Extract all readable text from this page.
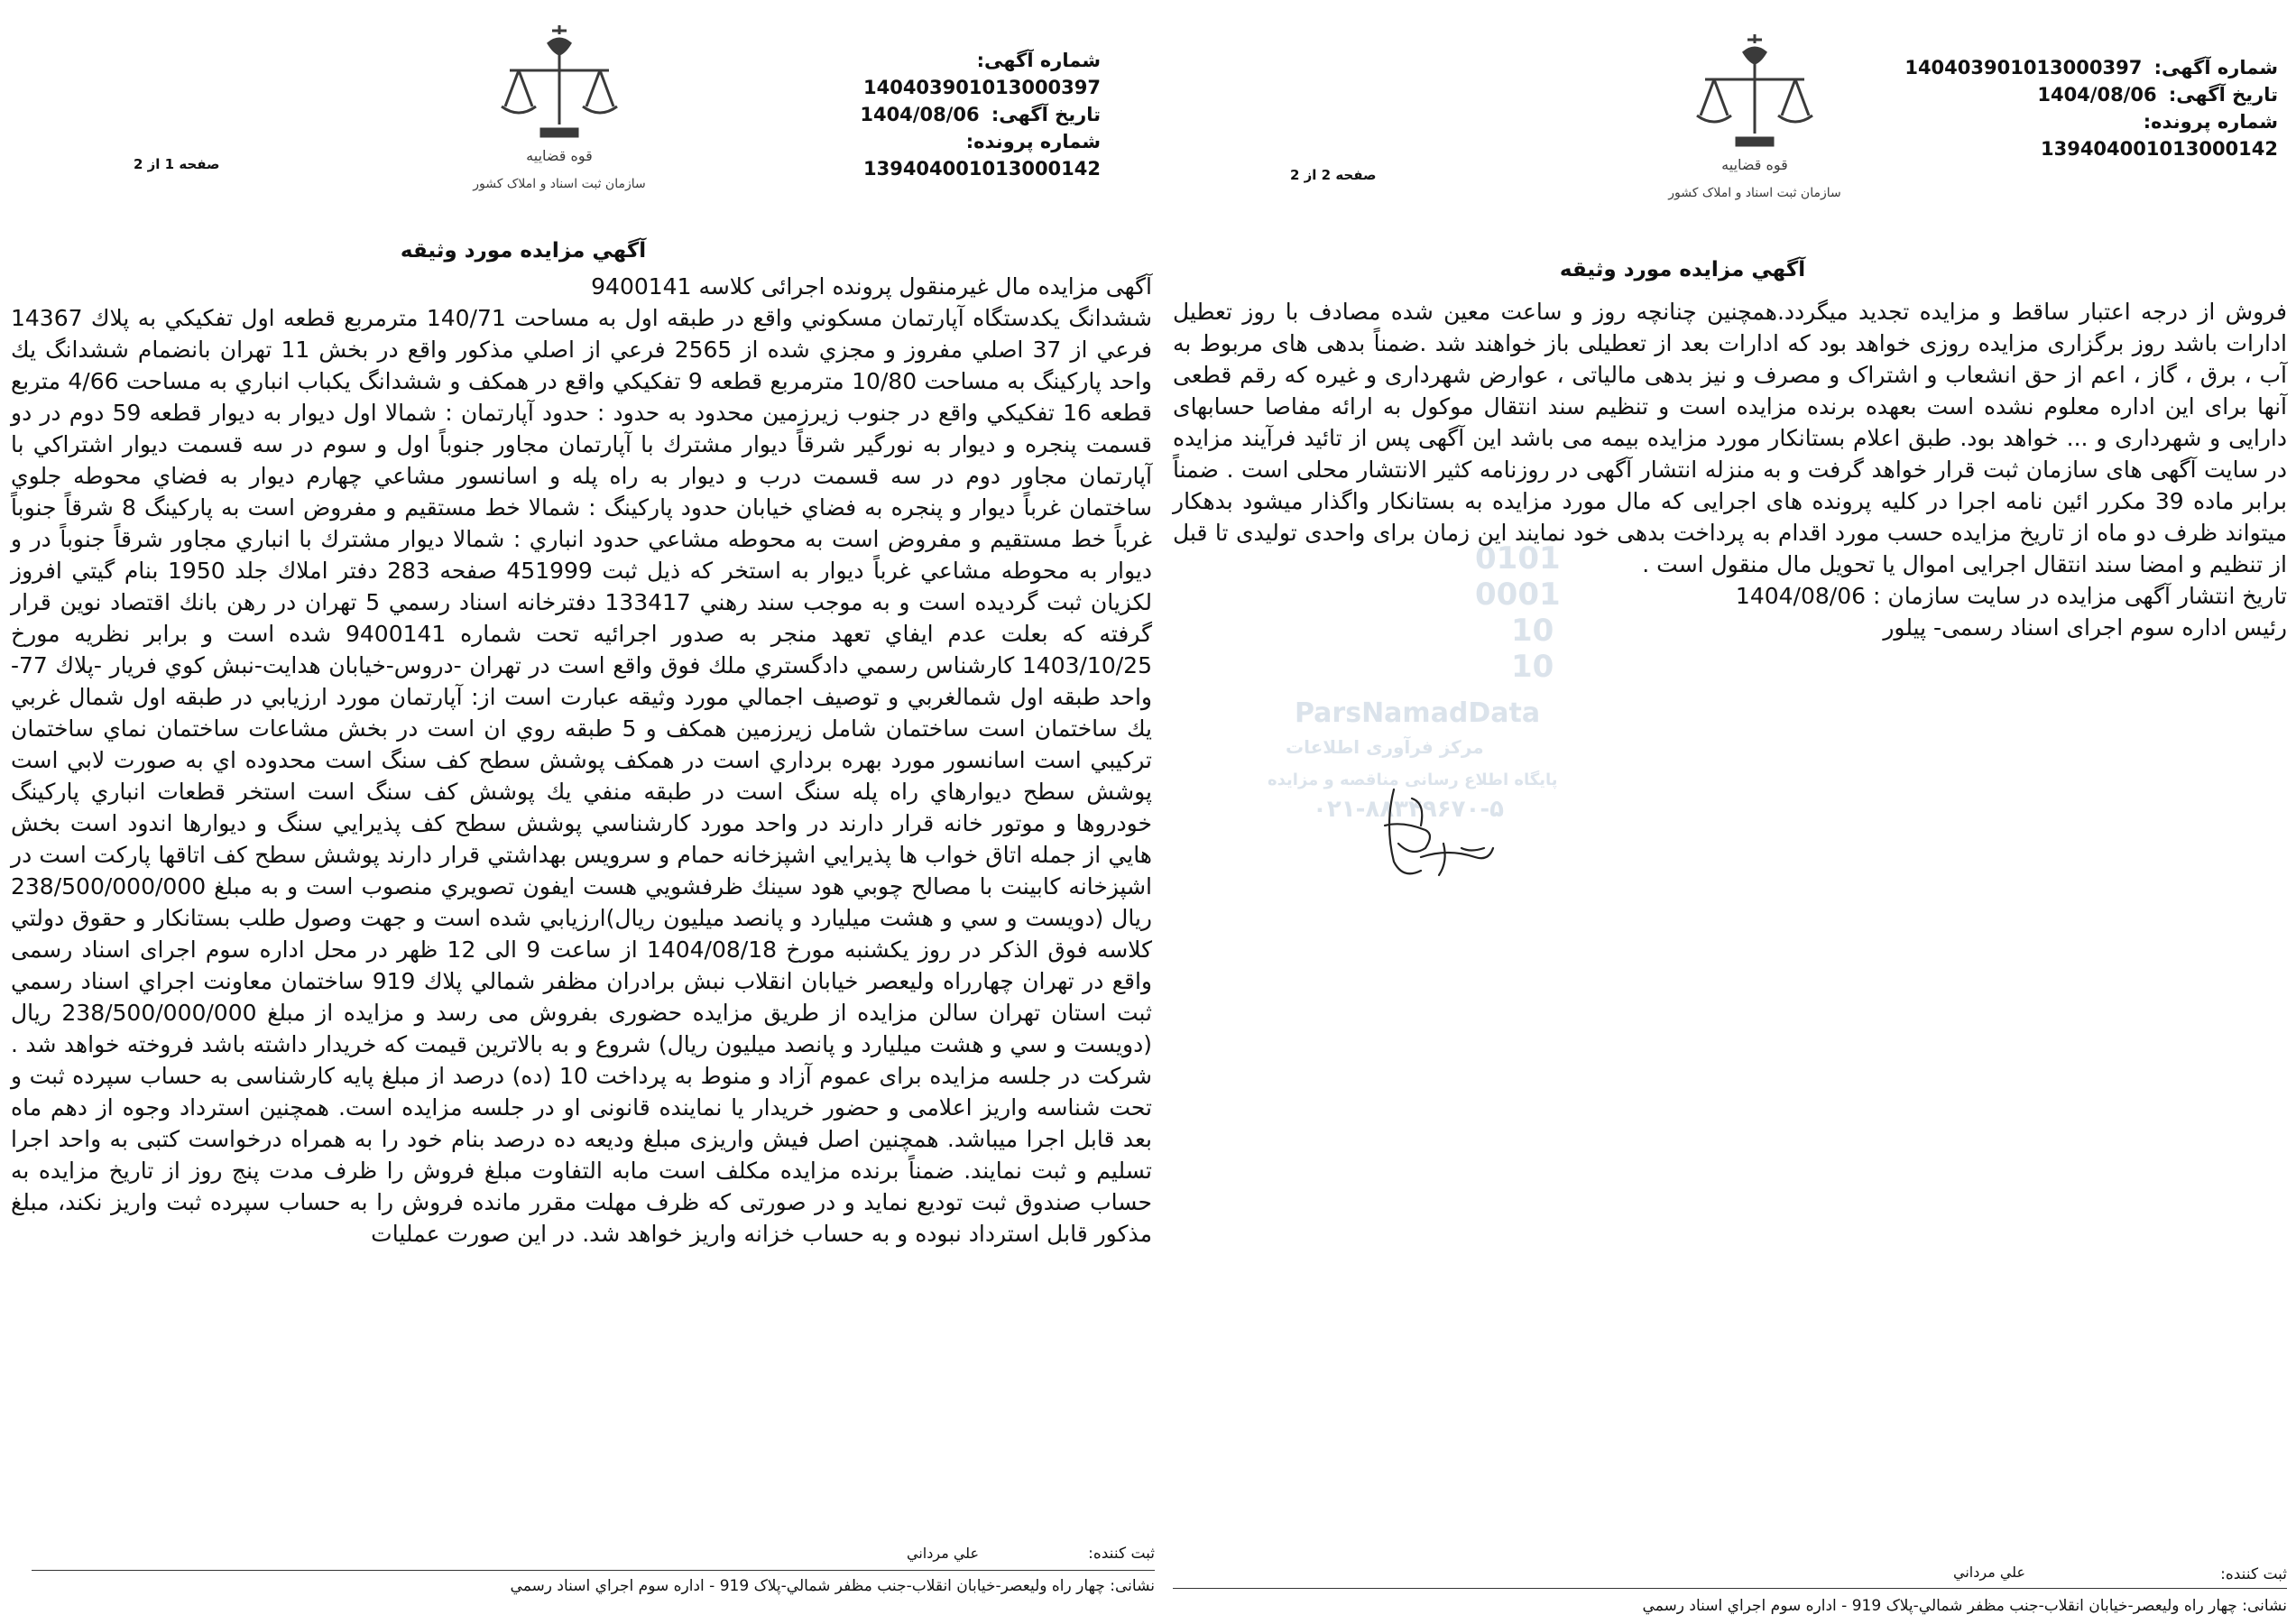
قوه قضاییه
سازمان ثبت اسناد و املاک کشور
شماره آگهی: 140403901013000397
تاریخ آگهی: 1404/08/06
شماره پرونده: 139404001013000142
صفحه 1 از 2
آگهي مزايده مورد وثيقه

آگهی مزایده مال غیرمنقول پرونده اجرائی کلاسه 9400141

ششدانگ يكدستگاه آپارتمان مسكوني واقع در طبقه اول به مساحت 140/71 مترمربع قطعه اول تفكيكي به پلاك 14367 فرعي از 37 اصلي مفروز و مجزي شده از 2565 فرعي از اصلي مذكور واقع در بخش 11 تهران بانضمام ششدانگ يك واحد پاركينگ به مساحت 10/80 مترمربع قطعه 9 تفكيكي واقع در همكف و ششدانگ يكباب انباري به مساحت 4/66 متربع قطعه 16 تفكيكي واقع در جنوب زيرزمين محدود به حدود : حدود آپارتمان : شمالا اول ديوار به ديوار قطعه 59 دوم در دو قسمت پنجره و ديوار به نورگير شرقاً ديوار مشترك با آپارتمان مجاور جنوباً اول و سوم در سه قسمت ديوار اشتراكي با آپارتمان مجاور دوم در سه قسمت درب و ديوار به راه پله و اسانسور مشاعي چهارم ديوار به فضاي محوطه جلوي ساختمان غرباً ديوار و پنجره به فضاي خيابان حدود پاركينگ : شمالا خط مستقيم و مفروض است به پاركينگ 8 شرقاً جنوباً غرباً خط مستقيم و مفروض است به محوطه مشاعي حدود انباري : شمالا ديوار مشترك با انباري مجاور شرقاً جنوباً در و ديوار به محوطه مشاعي غرباً ديوار به استخر كه ذيل ثبت 451999 صفحه 283 دفتر املاك جلد 1950 بنام گيتي افروز لكزيان ثبت گرديده است و به موجب سند رهني 133417 دفترخانه اسناد رسمي 5 تهران در رهن بانك اقتصاد نوين قرار گرفته كه بعلت عدم ايفاي تعهد منجر به صدور اجرائيه تحت شماره 9400141 شده است و برابر نظريه مورخ 1403/10/25 كارشناس رسمي دادگستري ملك فوق واقع است در تهران -دروس-خيابان هدايت-نبش كوي فريار -پلاك 77- واحد طبقه اول شمالغربي و توصيف اجمالي مورد وثيقه عبارت است از: آپارتمان مورد ارزيابي در طبقه اول شمال غربي يك ساختمان است ساختمان شامل زيرزمين همكف و 5 طبقه روي ان است در بخش مشاعات ساختمان نماي ساختمان تركيبي است اسانسور مورد بهره برداري است در همكف پوشش سطح كف سنگ است محدوده اي به صورت لابي است پوشش سطح ديوارهاي راه پله سنگ است در طبقه منفي يك پوشش كف سنگ است استخر قطعات انباري پاركينگ خودروها و موتور خانه قرار دارند در واحد مورد كارشناسي پوشش سطح كف پذيرايي سنگ و ديوارها اندود است بخش هايي از جمله اتاق خواب ها پذيرايي اشپزخانه حمام و سرويس بهداشتي قرار دارند پوشش سطح كف اتاقها پاركت است در اشپزخانه كابينت با مصالح چوبي هود سينك ظرفشويي هست ايفون تصويري منصوب است و به مبلغ 238/500/000/000 ريال (دويست و سي و هشت ميليارد و پانصد ميليون ريال)ارزيابي شده است و جهت وصول طلب بستانكار و حقوق دولتي كلاسه فوق الذكر در روز يكشنبه مورخ 1404/08/18 از ساعت 9 الی 12 ظهر در محل اداره سوم اجرای اسناد رسمی واقع در تهران چهارراه وليعصر خيابان انقلاب نبش برادران مظفر شمالي پلاك 919 ساختمان معاونت اجراي اسناد رسمي ثبت استان تهران سالن مزایده از طریق مزایده حضوری بفروش می رسد و مزایده از مبلغ 238/500/000/000 ریال (دويست و سي و هشت ميليارد و پانصد ميليون ريال) شروع و به بالاترین قیمت که خریدار داشته باشد فروخته خواهد شد . شرکت در جلسه مزایده برای عموم آزاد و منوط به پرداخت 10 (ده) درصد از مبلغ پایه کارشناسی به حساب سپرده ثبت و تحت شناسه واریز اعلامی و حضور خریدار یا نماینده قانونی او در جلسه مزایده است. همچنین استرداد وجوه از دهم ماه بعد قابل اجرا میباشد. همچنین اصل فیش واریزی مبلغ ودیعه ده درصد بنام خود را به همراه درخواست کتبی به واحد اجرا تسلیم و ثبت نمایند. ضمناً برنده مزایده مکلف است مابه التفاوت مبلغ فروش را ظرف مدت پنج روز از تاریخ مزایده به حساب صندوق ثبت تودیع نماید و در صورتی که ظرف مهلت مقرر مانده فروش را به حساب سپرده ثبت واریز نکند، مبلغ مذکور قابل استرداد نبوده و به حساب خزانه واریز خواهد شد. در این صورت عملیات

ثبت كننده:
علي مرداني
نشانی: چهار راه وليعصر-خيابان انقلاب-جنب مظفر شمالي-پلاک 919 - اداره سوم اجراي اسناد رسمي
قوه قضاییه
سازمان ثبت اسناد و املاک کشور
شماره آگهی: 140403901013000397
تاریخ آگهی: 1404/08/06
شماره پرونده: 139404001013000142
صفحه 2 از 2
آگهي مزايده مورد وثيقه

فروش از درجه اعتبار ساقط و مزایده تجدید میگردد.همچنین چنانچه روز و ساعت معین شده مصادف با روز تعطیل ادارات باشد روز برگزاری مزایده روزی خواهد بود که ادارات بعد از تعطیلی باز خواهند شد .ضمناً بدهی های مربوط به آب ، برق ، گاز ، اعم از حق انشعاب و اشتراک و مصرف و نیز بدهی مالیاتی ، عوارض شهرداری و غیره که رقم قطعی آنها برای این اداره معلوم نشده است بعهده برنده مزایده است و تنظیم سند انتقال موکول به ارائه مفاصا حسابهای دارایی و شهرداری و ... خواهد بود. طبق اعلام بستانکار مورد مزایده بیمه می باشد این آگهی پس از تائید فرآیند مزایده در سایت آگهی های سازمان ثبت قرار خواهد گرفت و به منزله انتشار آگهی در روزنامه کثیر الانتشار محلی است . ضمناً برابر ماده 39 مکرر ائین نامه اجرا در کلیه پرونده های اجرایی که مال مورد مزایده به بستانکار واگذار میشود بدهکار میتواند ظرف دو ماه از تاریخ مزایده حسب مورد اقدام به پرداخت بدهی خود نمایند این زمان برای واحدی تولیدی تا قبل از تنظیم و امضا سند انتقال اجرایی اموال یا تحویل مال منقول است .

تاریخ انتشار آگهی مزایده در سایت سازمان : 1404/08/06

رئيس اداره سوم اجرای اسناد رسمی- پیلور

0101
0001
10
10
ParsNamadData
مرکز فرآوری اطلاعات
پایگاه اطلاع رسانی مناقصه و مزایده
۰۲۱-۸۸۳۴۹۶۷۰-۵
ثبت كننده:
علي مرداني
نشانی: چهار راه وليعصر-خيابان انقلاب-جنب مظفر شمالي-پلاک 919 - اداره سوم اجراي اسناد رسمي
